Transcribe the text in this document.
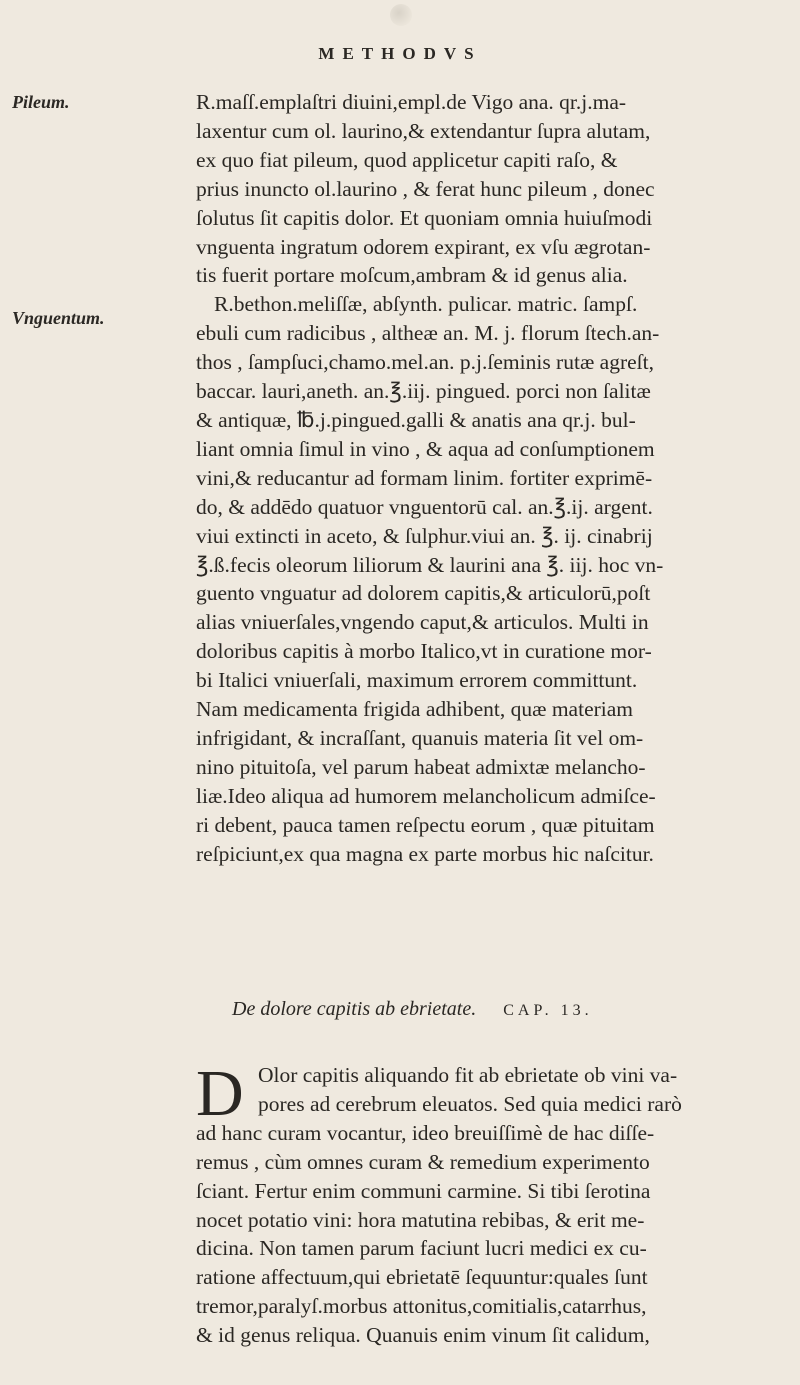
METHODVS
Pileum.
Vnguentum.
R.maſſ.emplaſtri diuini,empl.de Vigo ana. qr.j.ma-
laxentur cum ol. laurino,& extendantur ſupra alutam,
ex quo fiat pileum, quod applicetur capiti raſo, &
prius inuncto ol.laurino , & ferat hunc pileum , donec
ſolutus ſit capitis dolor. Et quoniam omnia huiuſmodi
vnguenta ingratum odorem expirant, ex vſu ægrotan-
tis fuerit portare moſcum,ambram & id genus alia.
R.bethon.meliſſæ, abſynth. pulicar. matric. ſampſ.
ebuli cum radicibus , altheæ an. M. j. florum ſtech.an-
thos , ſampſuci,chamo.mel.an. p.j.ſeminis rutæ agreſt,
baccar. lauri,aneth. an.℥.iij. pingued. porci non ſalitæ
& antiquæ, ℔.j.pingued.galli & anatis ana qr.j. bul-
liant omnia ſimul in vino , & aqua ad conſumptionem
vini,& reducantur ad formam linim. fortiter exprimē-
do, & addēdo quatuor vnguentorū cal. an.℥.ij. argent.
viui extincti in aceto, & ſulphur.viui an. ℥. ij. cinabrij
℥.ß.fecis oleorum liliorum & laurini ana ℥. iij. hoc vn-
guento vnguatur ad dolorem capitis,& articulorū,poſt
alias vniuerſales,vngendo caput,& articulos. Multi in
doloribus capitis à morbo Italico,vt in curatione mor-
bi Italici vniuerſali, maximum errorem committunt.
Nam medicamenta frigida adhibent, quæ materiam
infrigidant, & incraſſant, quanuis materia ſit vel om-
nino pituitoſa, vel parum habeat admixtæ melancho-
liæ.Ideo aliqua ad humorem melancholicum admiſce-
ri debent, pauca tamen reſpectu eorum , quæ pituitam
reſpiciunt,ex qua magna ex parte morbus hic naſcitur.
De dolore capitis ab ebrietate. CAP. 13.
D Olor capitis aliquando fit ab ebrietate ob vini va-
pores ad cerebrum eleuatos. Sed quia medici rarò
ad hanc curam vocantur, ideo breuiſſimè de hac diſſe-
remus , cùm omnes curam & remedium experimento
ſciant. Fertur enim communi carmine. Si tibi ſerotina
nocet potatio vini: hora matutina rebibas, & erit me-
dicina. Non tamen parum faciunt lucri medici ex cu-
ratione affectuum,qui ebrietatē ſequuntur:quales ſunt
tremor,paralyſ.morbus attonitus,comitialis,catarrhus,
& id genus reliqua. Quanuis enim vinum ſit calidum,
